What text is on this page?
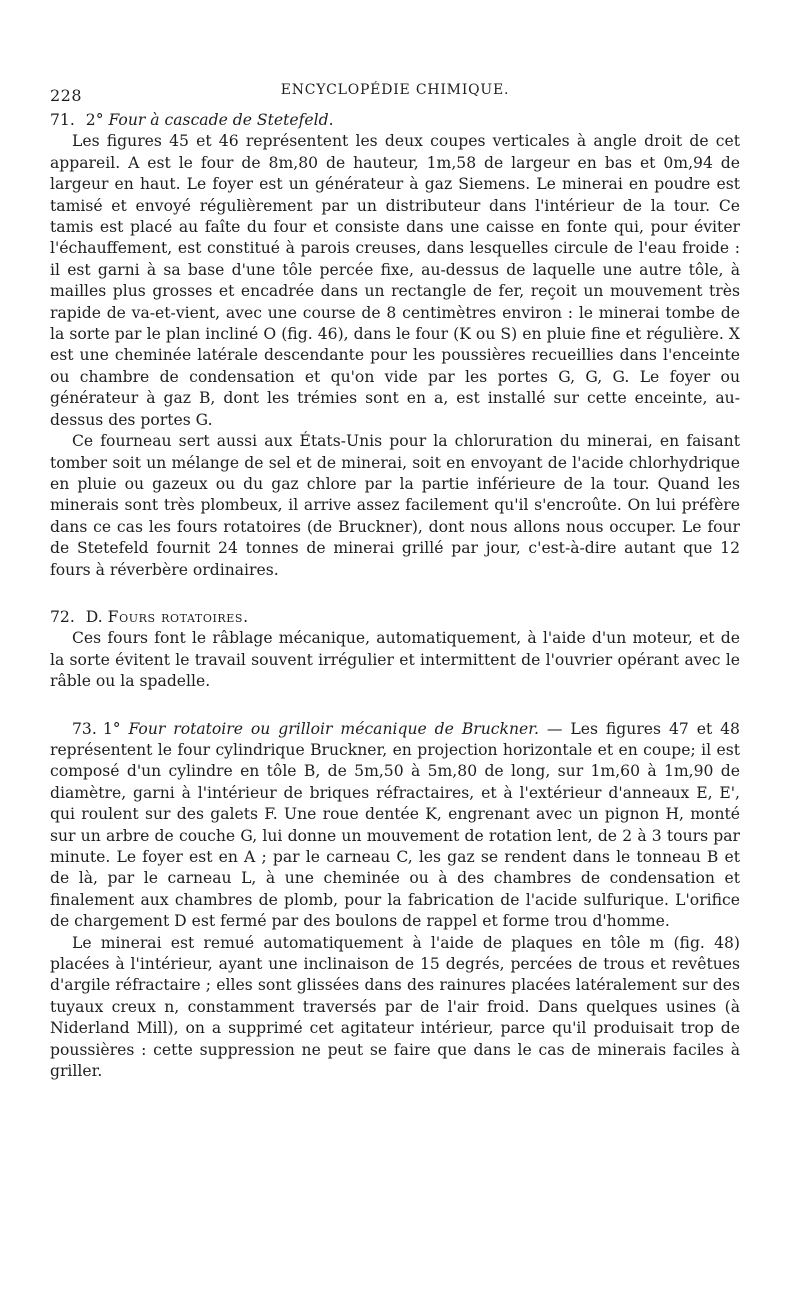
228	ENCYCLOPÉDIE CHIMIQUE.

71. 2° Four à cascade de Stetefeld.

Les figures 45 et 46 représentent les deux coupes verticales à angle droit de cet appareil. A est le four de 8m,80 de hauteur, 1m,58 de largeur en bas et 0m,94 de largeur en haut. Le foyer est un générateur à gaz Siemens. Le minerai en poudre est tamisé et envoyé régulièrement par un distributeur dans l'intérieur de la tour. Ce tamis est placé au faîte du four et consiste dans une caisse en fonte qui, pour éviter l'échauffement, est constitué à parois creuses, dans lesquelles circule de l'eau froide : il est garni à sa base d'une tôle percée fixe, au-dessus de laquelle une autre tôle, à mailles plus grosses et encadrée dans un rectangle de fer, reçoit un mouvement très rapide de va-et-vient, avec une course de 8 centimètres environ : le minerai tombe de la sorte par le plan incliné O (fig. 46), dans le four (K ou S) en pluie fine et régulière. X est une cheminée latérale descendante pour les poussières recueillies dans l'enceinte ou chambre de condensation et qu'on vide par les portes G, G, G. Le foyer ou générateur à gaz B, dont les trémies sont en a, est installé sur cette enceinte, au-dessus des portes G.

Ce fourneau sert aussi aux États-Unis pour la chloruration du minerai, en faisant tomber soit un mélange de sel et de minerai, soit en envoyant de l'acide chlorhydrique en pluie ou gazeux ou du gaz chlore par la partie inférieure de la tour. Quand les minerais sont très plombeux, il arrive assez facilement qu'il s'encroûte. On lui préfère dans ce cas les fours rotatoires (de Bruckner), dont nous allons nous occuper. Le four de Stetefeld fournit 24 tonnes de minerai grillé par jour, c'est-à-dire autant que 12 fours à réverbère ordinaires.

72. D. Fours rotatoires.

Ces fours font le râblage mécanique, automatiquement, à l'aide d'un moteur, et de la sorte évitent le travail souvent irrégulier et intermittent de l'ouvrier opérant avec le râble ou la spadelle.

73. 1° Four rotatoire ou grilloir mécanique de Bruckner. — Les figures 47 et 48 représentent le four cylindrique Bruckner, en projection horizontale et en coupe; il est composé d'un cylindre en tôle B, de 5m,50 à 5m,80 de long, sur 1m,60 à 1m,90 de diamètre, garni à l'intérieur de briques réfractaires, et à l'extérieur d'anneaux E, E', qui roulent sur des galets F. Une roue dentée K, engrenant avec un pignon H, monté sur un arbre de couche G, lui donne un mouvement de rotation lent, de 2 à 3 tours par minute. Le foyer est en A ; par le carneau C, les gaz se rendent dans le tonneau B et de là, par le carneau L, à une cheminée ou à des chambres de condensation et finalement aux chambres de plomb, pour la fabrication de l'acide sulfurique. L'orifice de chargement D est fermé par des boulons de rappel et forme trou d'homme.

Le minerai est remué automatiquement à l'aide de plaques en tôle m (fig. 48) placées à l'intérieur, ayant une inclinaison de 15 degrés, percées de trous et revêtues d'argile réfractaire ; elles sont glissées dans des rainures placées latéralement sur des tuyaux creux n, constamment traversés par de l'air froid. Dans quelques usines (à Niderland Mill), on a supprimé cet agitateur intérieur, parce qu'il produisait trop de poussières : cette suppression ne peut se faire que dans le cas de minerais faciles à griller.
